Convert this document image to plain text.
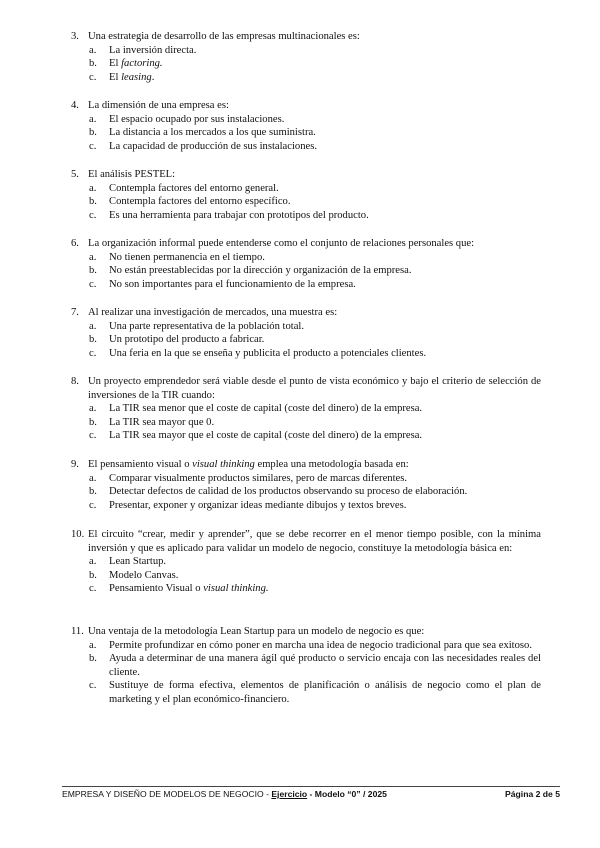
3. Una estrategia de desarrollo de las empresas multinacionales es:
a. La inversión directa.
b. El factoring.
c. El leasing.
4. La dimensión de una empresa es:
a. El espacio ocupado por sus instalaciones.
b. La distancia a los mercados a los que suministra.
c. La capacidad de producción de sus instalaciones.
5. El análisis PESTEL:
a. Contempla factores del entorno general.
b. Contempla factores del entorno específico.
c. Es una herramienta para trabajar con prototipos del producto.
6. La organización informal puede entenderse como el conjunto de relaciones personales que:
a. No tienen permanencia en el tiempo.
b. No están preestablecidas por la dirección y organización de la empresa.
c. No son importantes para el funcionamiento de la empresa.
7. Al realizar una investigación de mercados, una muestra es:
a. Una parte representativa de la población total.
b. Un prototipo del producto a fabricar.
c. Una feria en la que se enseña y publicita el producto a potenciales clientes.
8. Un proyecto emprendedor será viable desde el punto de vista económico y bajo el criterio de selección de inversiones de la TIR cuando:
a. La TIR sea menor que el coste de capital (coste del dinero) de la empresa.
b. La TIR sea mayor que 0.
c. La TIR sea mayor que el coste de capital (coste del dinero) de la empresa.
9. El pensamiento visual o visual thinking emplea una metodología basada en:
a. Comparar visualmente productos similares, pero de marcas diferentes.
b. Detectar defectos de calidad de los productos observando su proceso de elaboración.
c. Presentar, exponer y organizar ideas mediante dibujos y textos breves.
10. El circuito “crear, medir y aprender”, que se debe recorrer en el menor tiempo posible, con la mínima inversión y que es aplicado para validar un modelo de negocio, constituye la metodología básica en:
a. Lean Startup.
b. Modelo Canvas.
c. Pensamiento Visual o visual thinking.
11. Una ventaja de la metodología Lean Startup para un modelo de negocio es que:
a. Permite profundizar en cómo poner en marcha una idea de negocio tradicional para que sea exitoso.
b. Ayuda a determinar de una manera ágil qué producto o servicio encaja con las necesidades reales del cliente.
c. Sustituye de forma efectiva, elementos de planificación o análisis de negocio como el plan de marketing y el plan económico-financiero.
EMPRESA Y DISEÑO DE MODELOS DE NEGOCIO - Ejercicio - Modelo “0” / 2025	Página 2 de 5
